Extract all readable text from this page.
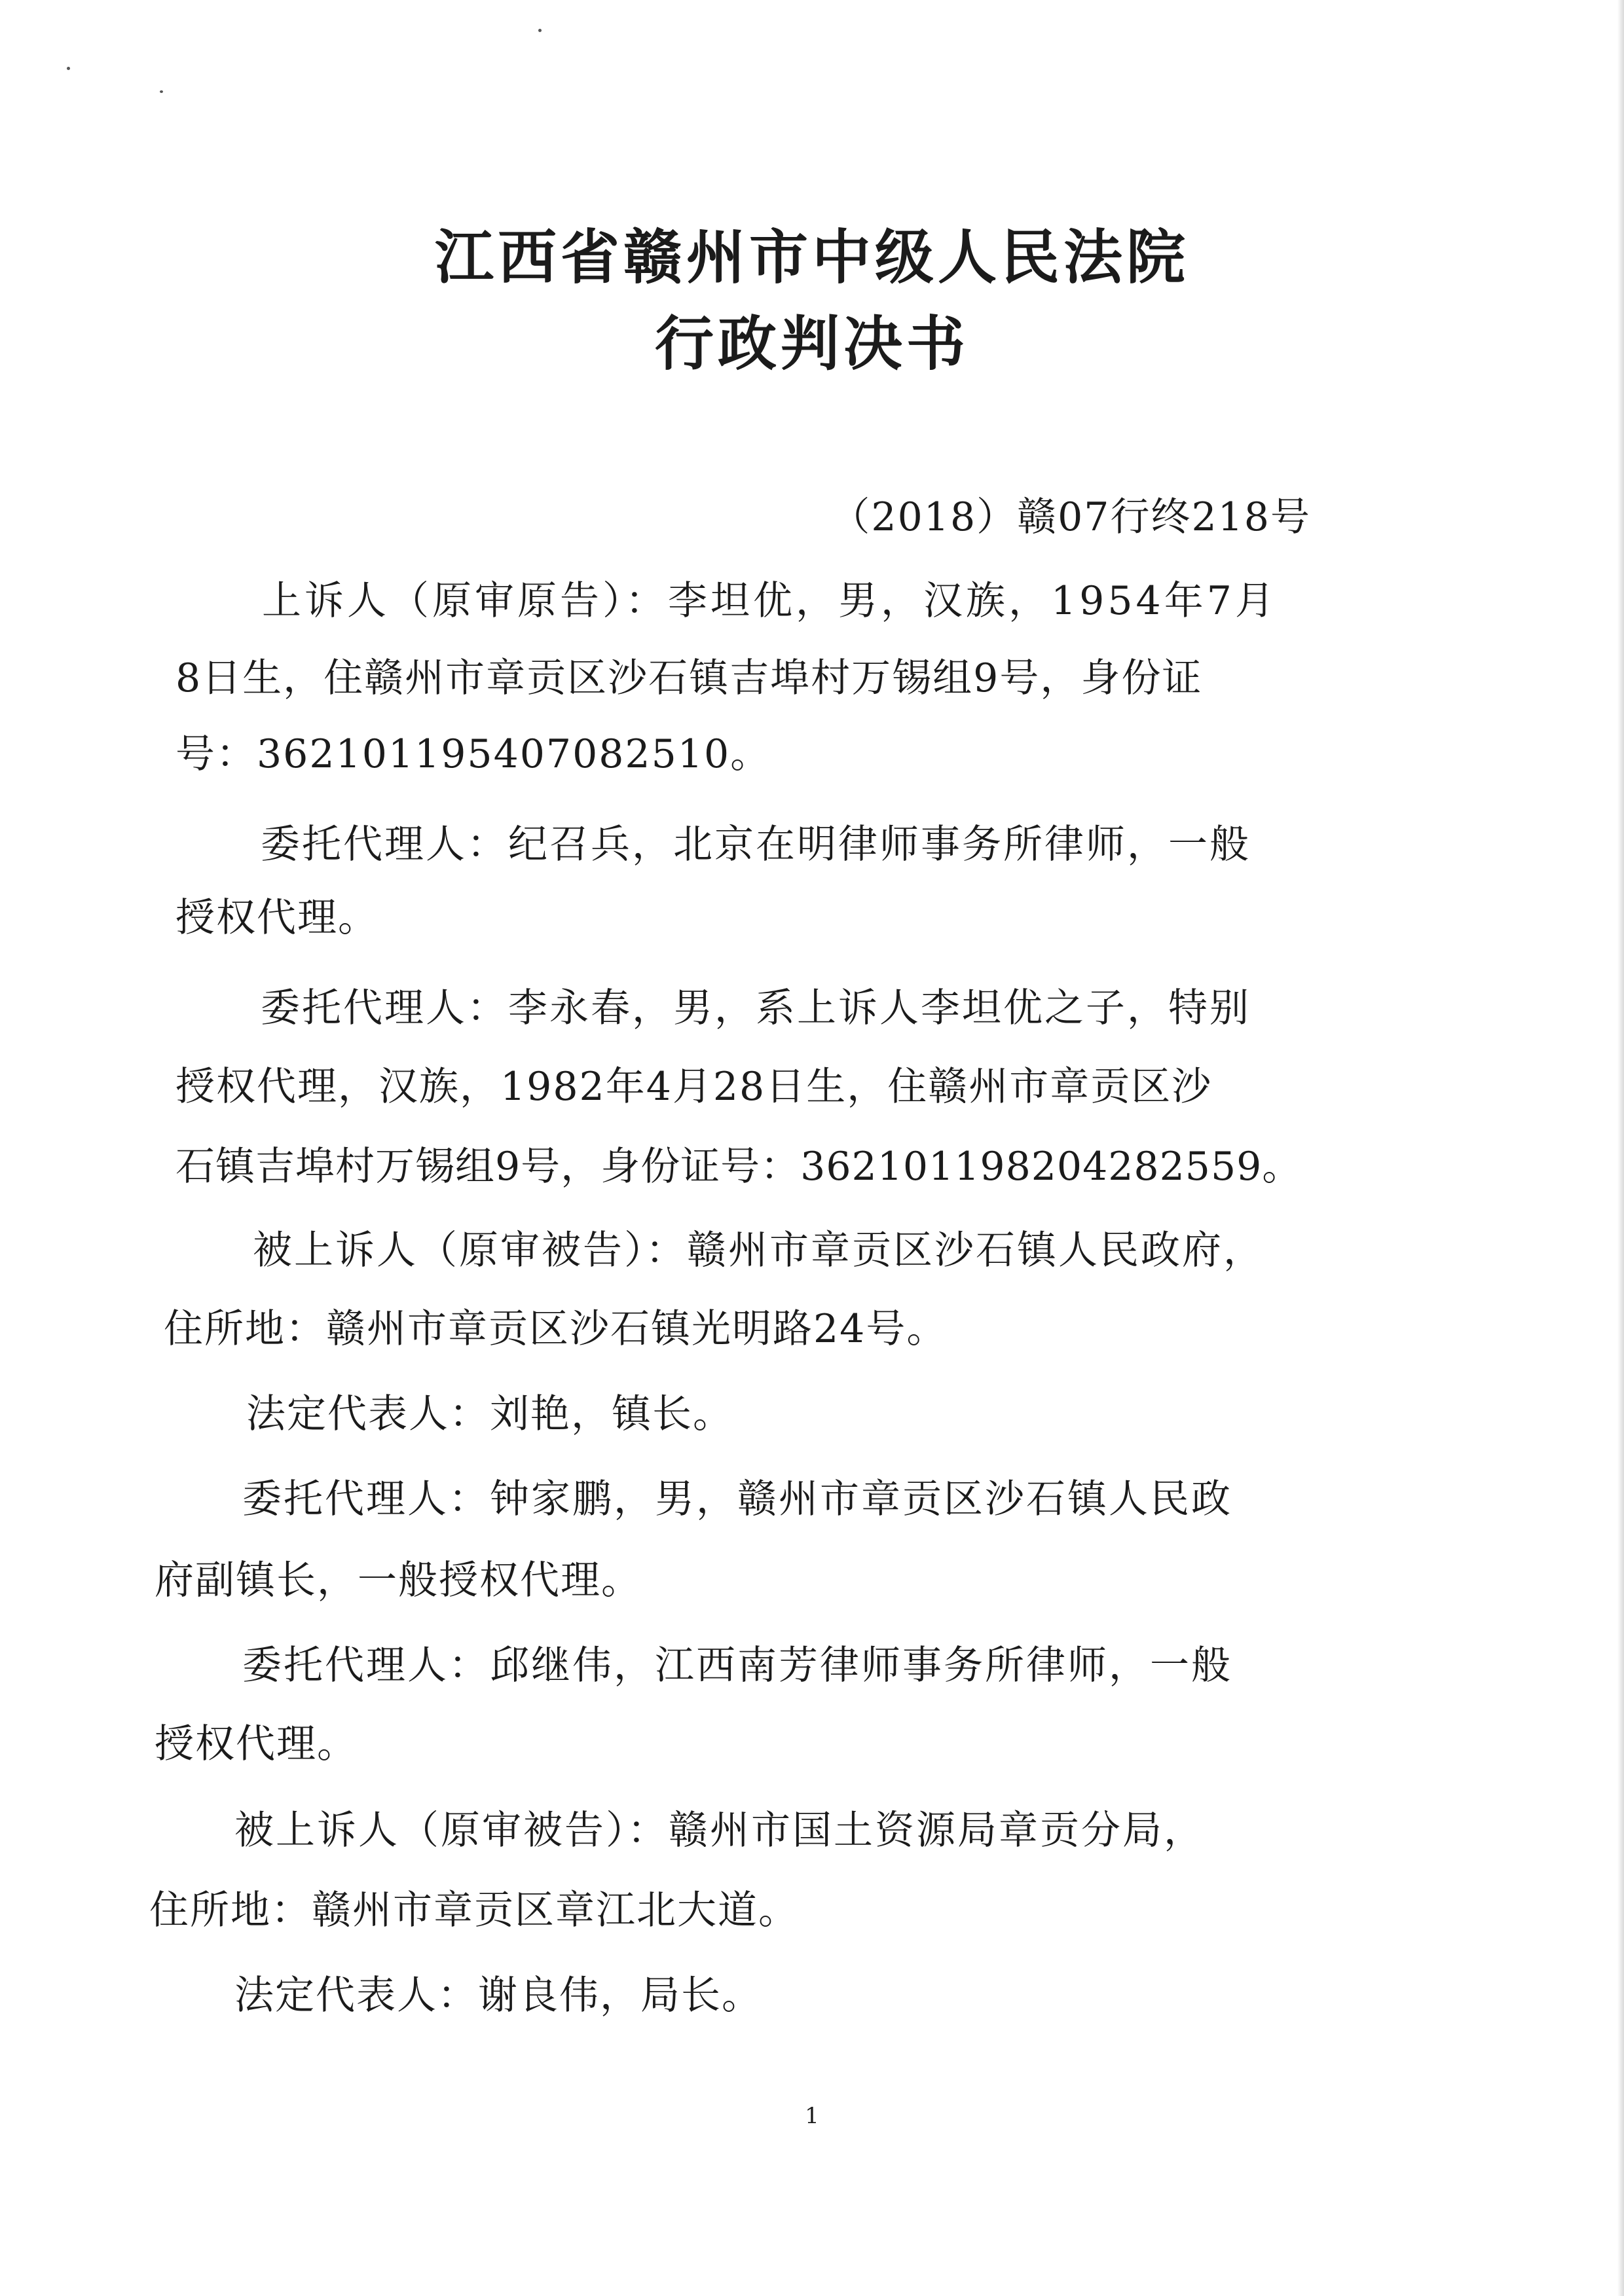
江西省赣州市中级人民法院
行政判决书
（2018）赣07行终218号
上诉人（原审原告）：李坦优，男，汉族，1954年7月
8日生，住赣州市章贡区沙石镇吉埠村万锡组9号，身份证
号：362101195407082510。
委托代理人：纪召兵，北京在明律师事务所律师，一般
授权代理。
委托代理人：李永春，男，系上诉人李坦优之子，特别
授权代理，汉族，1982年4月28日生，住赣州市章贡区沙
石镇吉埠村万锡组9号，身份证号：362101198204282559。
被上诉人（原审被告）：赣州市章贡区沙石镇人民政府，
住所地：赣州市章贡区沙石镇光明路24号。
法定代表人：刘艳，镇长。
委托代理人：钟家鹏，男，赣州市章贡区沙石镇人民政
府副镇长，一般授权代理。
委托代理人：邱继伟，江西南芳律师事务所律师，一般
授权代理。
被上诉人（原审被告）：赣州市国土资源局章贡分局，
住所地：赣州市章贡区章江北大道。
法定代表人：谢良伟，局长。
1
